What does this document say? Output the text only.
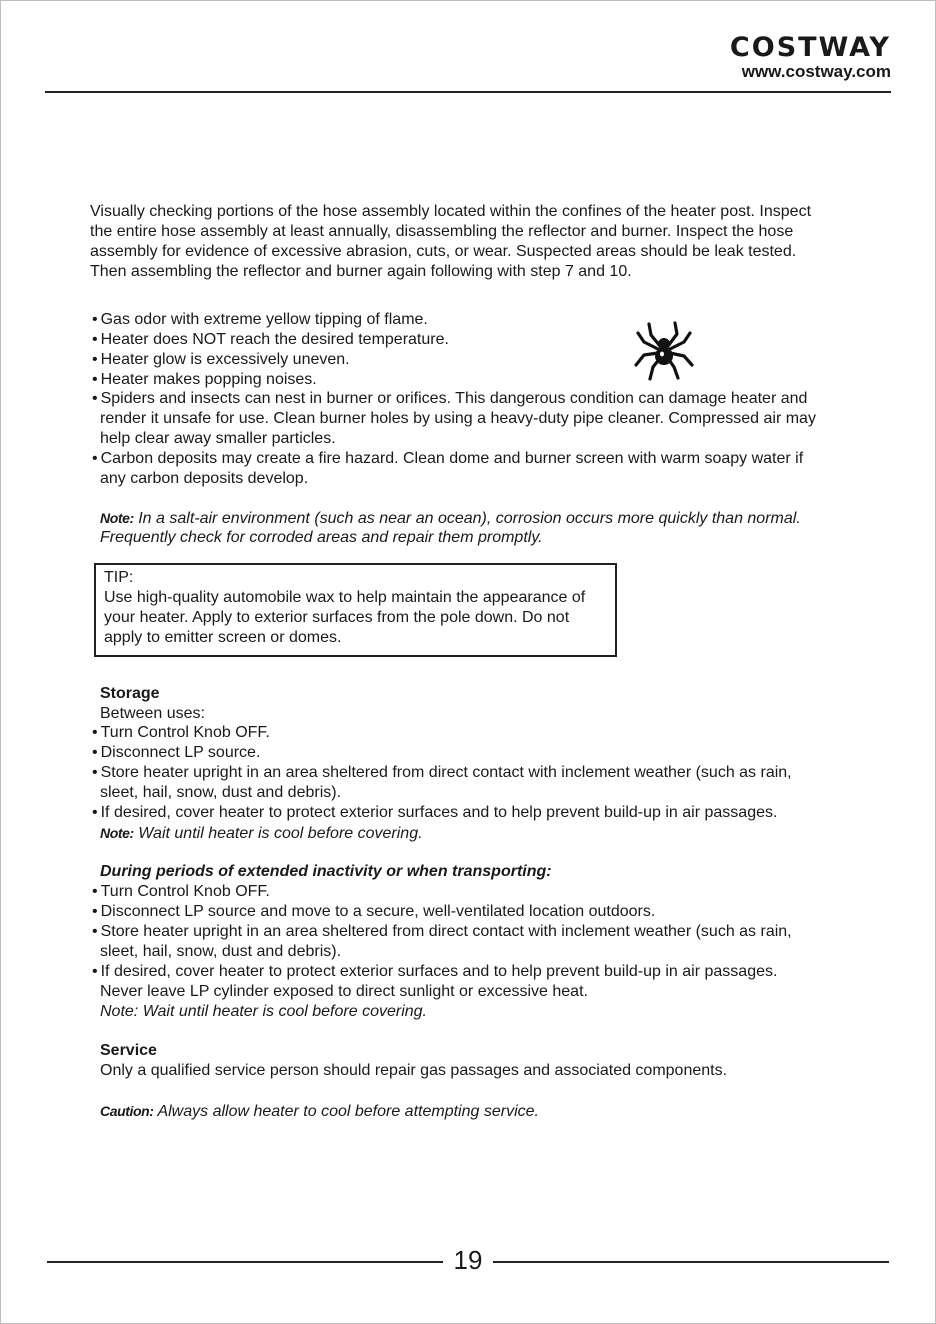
COSTWAY
www.costway.com
Visually checking portions of the hose assembly located within the confines of the heater post. Inspect
the entire hose assembly at least annually, disassembling the reflector and burner. Inspect the hose
assembly for evidence of excessive abrasion, cuts, or wear. Suspected areas should be leak tested.
Then assembling the reflector and burner again following with step 7 and 10.
• Gas odor with extreme yellow tipping of flame.
• Heater does NOT reach the desired temperature.
• Heater glow is excessively uneven.
• Heater makes popping noises.
• Spiders and insects can nest in burner or orifices. This dangerous condition can damage heater and
render it unsafe for use. Clean burner holes by using a heavy-duty pipe cleaner. Compressed air may
help clear away smaller particles.
• Carbon deposits may create a fire hazard. Clean dome and burner screen with warm soapy water if
any carbon deposits develop.
Note: In a salt-air environment (such as near an ocean), corrosion occurs more quickly than normal.
Frequently check for corroded areas and repair them promptly.
TIP:
Use high-quality automobile wax to help maintain the appearance of
your heater. Apply to exterior surfaces from the pole down. Do not
apply to emitter screen or domes.
Storage
Between uses:
• Turn Control Knob OFF.
• Disconnect LP source.
• Store heater upright in an area sheltered from direct contact with inclement weather (such as rain,
sleet, hail, snow, dust and debris).
• If desired, cover heater to protect exterior surfaces and to help prevent build-up in air passages.
Note: Wait until heater is cool before covering.
During periods of extended inactivity or when transporting:
• Turn Control Knob OFF.
• Disconnect LP source and move to a secure, well-ventilated location outdoors.
• Store heater upright in an area sheltered from direct contact with inclement weather (such as rain,
sleet, hail, snow, dust and debris).
• If desired, cover heater to protect exterior surfaces and to help prevent build-up in air passages.
Never leave LP cylinder exposed to direct sunlight or excessive heat.
Note: Wait until heater is cool before covering.
Service
Only a qualified service person should repair gas passages and associated components.
Caution: Always allow heater to cool before attempting service.
19
